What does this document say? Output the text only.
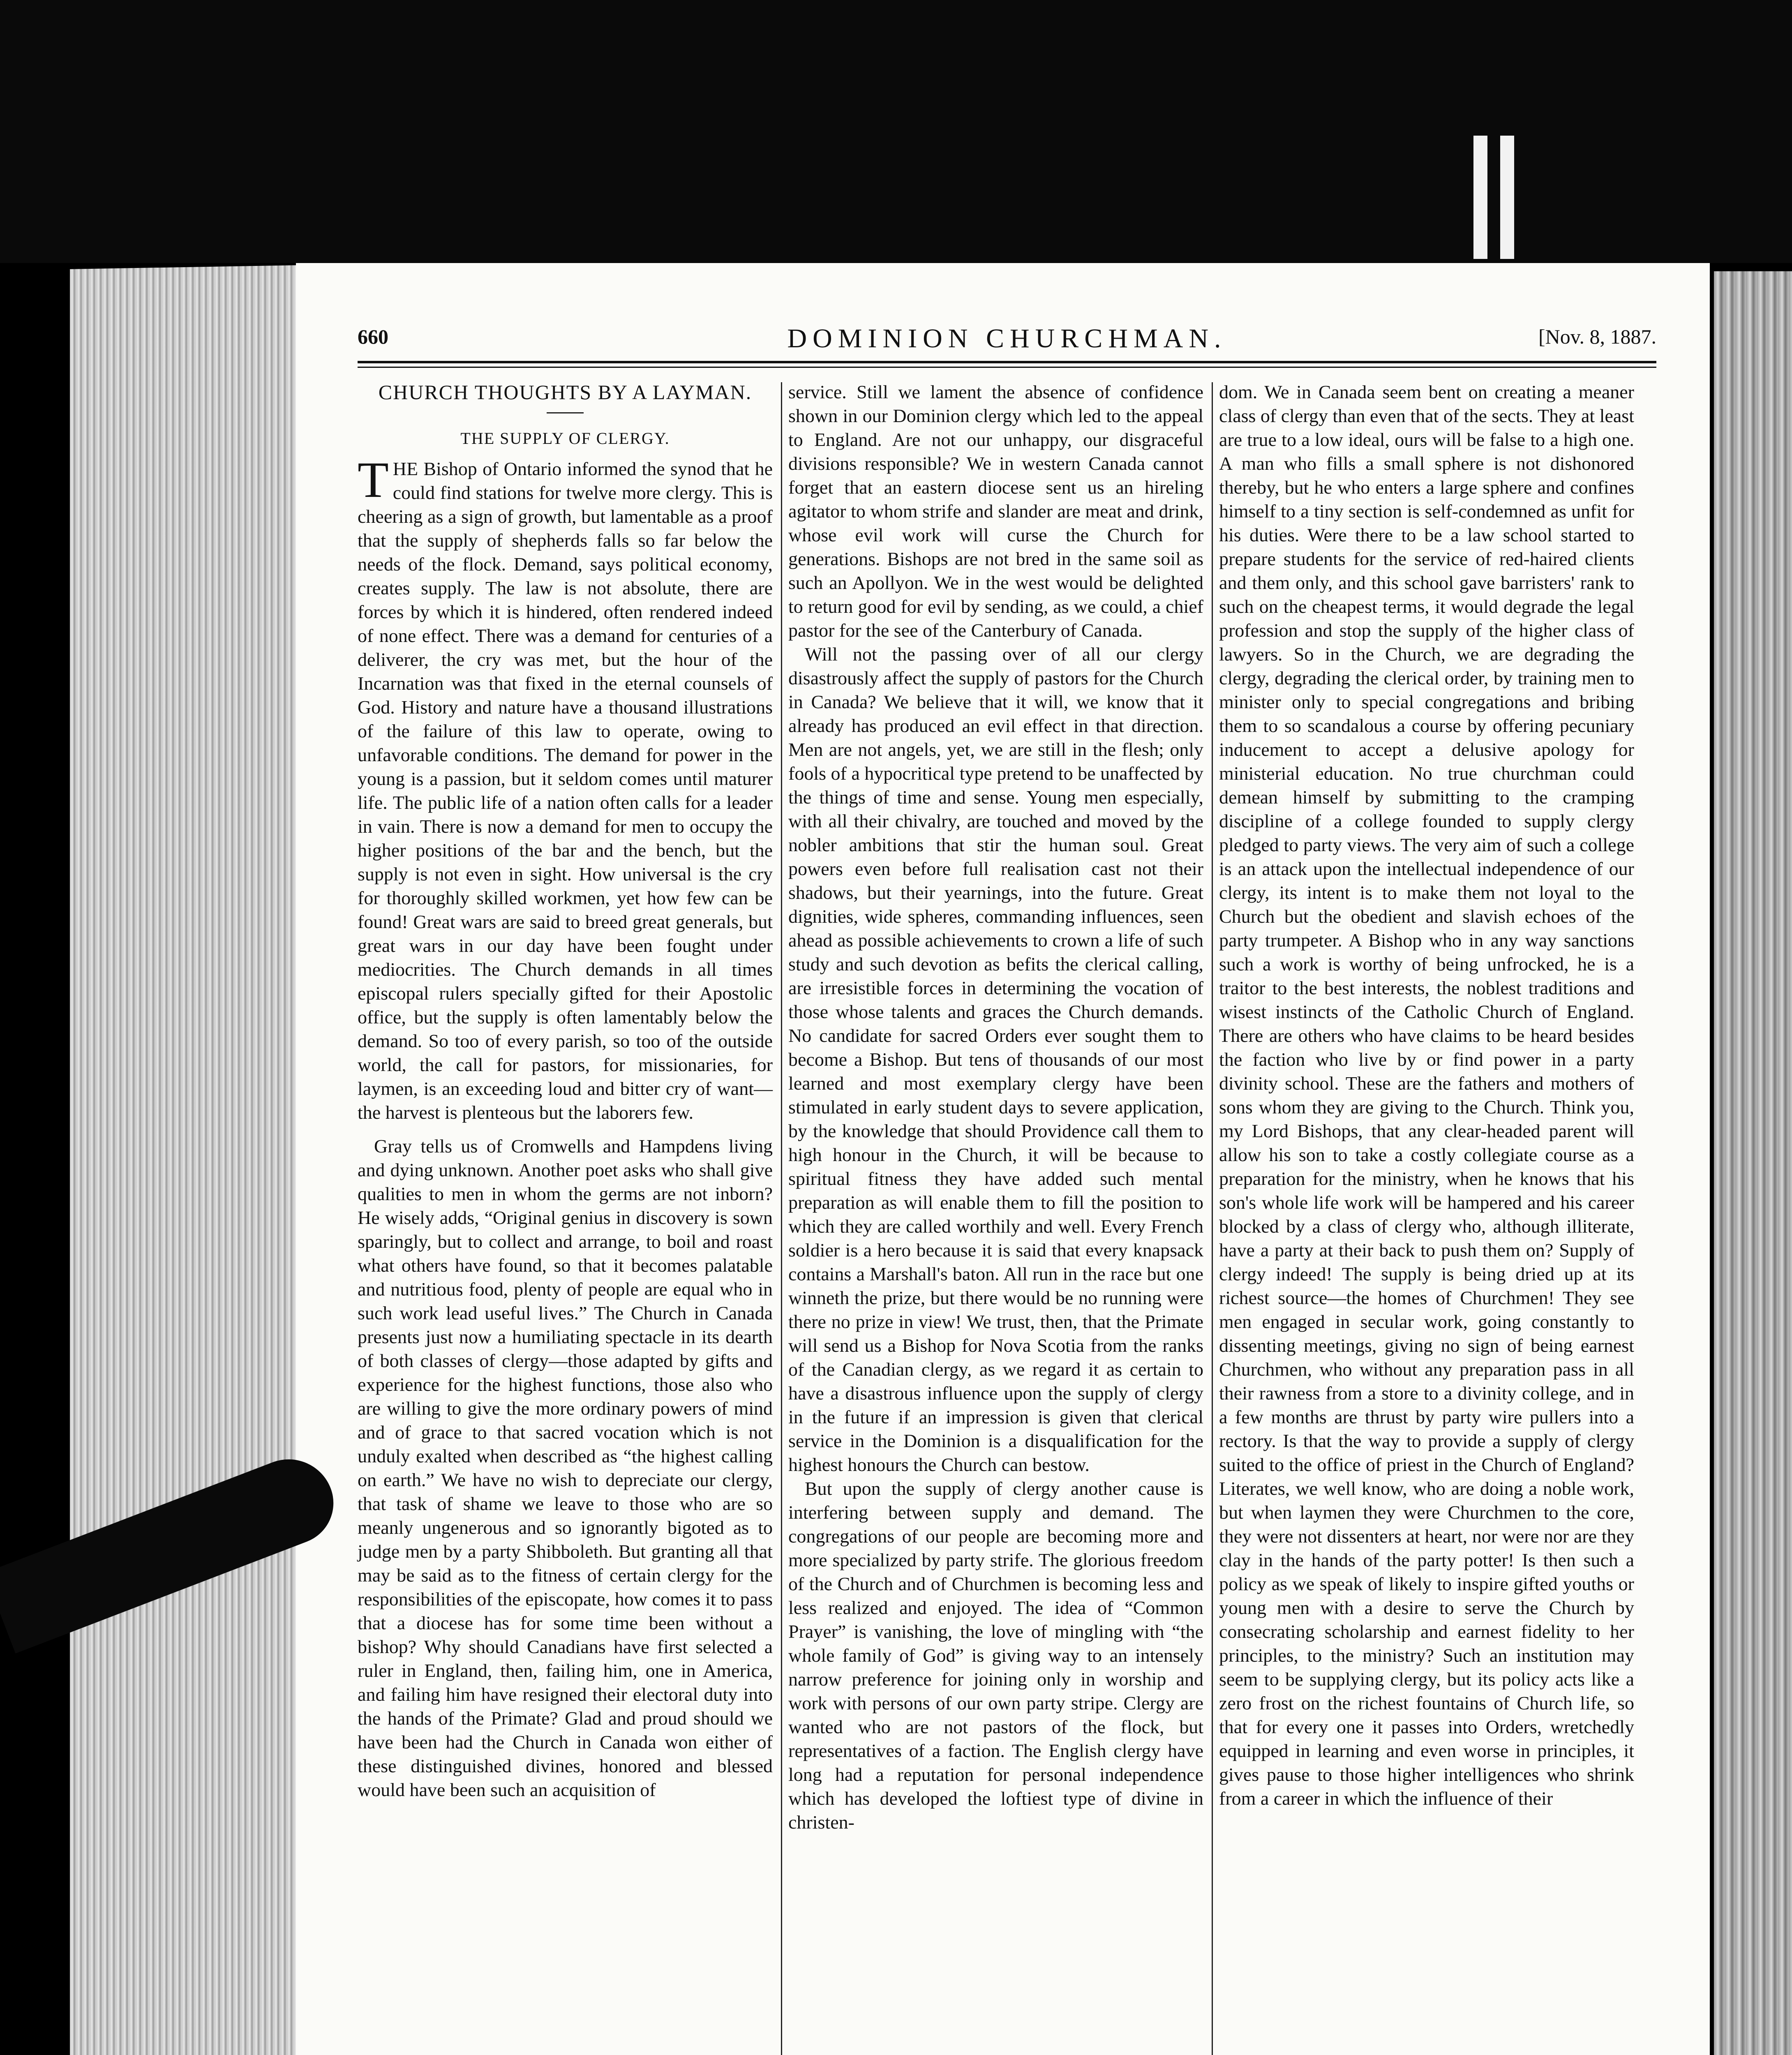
660	DOMINION CHURCHMAN.	[Nov. 8, 1887.
CHURCH THOUGHTS BY A LAYMAN.
THE SUPPLY OF CLERGY.

THE Bishop of Ontario informed the synod that he could find stations for twelve more clergy. This is cheering as a sign of growth, but lamentable as a proof that the supply of shepherds falls so far below the needs of the flock. Demand, says political economy, creates supply. The law is not absolute, there are forces by which it is hindered, often rendered indeed of none effect. There was a demand for centuries of a deliverer, the cry was met, but the hour of the Incarnation was that fixed in the eternal counsels of God. History and nature have a thousand illustrations of the failure of this law to operate, owing to unfavorable conditions. The demand for power in the young is a passion, but it seldom comes until maturer life. The public life of a nation often calls for a leader in vain. There is now a demand for men to occupy the higher positions of the bar and the bench, but the supply is not even in sight. How universal is the cry for thoroughly skilled workmen, yet how few can be found! Great wars are said to breed great generals, but great wars in our day have been fought under mediocrities. The Church demands in all times episcopal rulers specially gifted for their Apostolic office, but the supply is often lamentably below the demand. So too of every parish, so too of the outside world, the call for pastors, for missionaries, for laymen, is an exceeding loud and bitter cry of want—the harvest is plenteous but the laborers few.

Gray tells us of Cromwells and Hampdens living and dying unknown. Another poet asks who shall give qualities to men in whom the germs are not inborn? He wisely adds, “Original genius in discovery is sown sparingly, but to collect and arrange, to boil and roast what others have found, so that it becomes palatable and nutritious food, plenty of people are equal who in such work lead useful lives.” The Church in Canada presents just now a humiliating spectacle in its dearth of both classes of clergy—those adapted by gifts and experience for the highest functions, those also who are willing to give the more ordinary powers of mind and of grace to that sacred vocation which is not unduly exalted when described as “the highest calling on earth.” We have no wish to depreciate our clergy, that task of shame we leave to those who are so meanly ungenerous and so ignorantly bigoted as to judge men by a party Shibboleth. But granting all that may be said as to the fitness of certain clergy for the responsibilities of the episcopate, how comes it to pass that a diocese has for some time been without a bishop? Why should Canadians have first selected a ruler in England, then, failing him, one in America, and failing him have resigned their electoral duty into the hands of the Primate? Glad and proud should we have been had the Church in Canada won either of these distinguished divines, honored and blessed would have been such an acquisition of

service. Still we lament the absence of confidence shown in our Dominion clergy which led to the appeal to England. Are not our unhappy, our disgraceful divisions responsible? We in western Canada cannot forget that an eastern diocese sent us an hireling agitator to whom strife and slander are meat and drink, whose evil work will curse the Church for generations. Bishops are not bred in the same soil as such an Apollyon. We in the west would be delighted to return good for evil by sending, as we could, a chief pastor for the see of the Canterbury of Canada.

Will not the passing over of all our clergy disastrously affect the supply of pastors for the Church in Canada? We believe that it will, we know that it already has produced an evil effect in that direction. Men are not angels, yet, we are still in the flesh; only fools of a hypocritical type pretend to be unaffected by the things of time and sense. Young men especially, with all their chivalry, are touched and moved by the nobler ambitions that stir the human soul. Great powers even before full realisation cast not their shadows, but their yearnings, into the future. Great dignities, wide spheres, commanding influences, seen ahead as possible achievements to crown a life of such study and such devotion as befits the clerical calling, are irresistible forces in determining the vocation of those whose talents and graces the Church demands. No candidate for sacred Orders ever sought them to become a Bishop. But tens of thousands of our most learned and most exemplary clergy have been stimulated in early student days to severe application, by the knowledge that should Providence call them to high honour in the Church, it will be because to spiritual fitness they have added such mental preparation as will enable them to fill the position to which they are called worthily and well. Every French soldier is a hero because it is said that every knapsack contains a Marshall's baton. All run in the race but one winneth the prize, but there would be no running were there no prize in view! We trust, then, that the Primate will send us a Bishop for Nova Scotia from the ranks of the Canadian clergy, as we regard it as certain to have a disastrous influence upon the supply of clergy in the future if an impression is given that clerical service in the Dominion is a disqualification for the highest honours the Church can bestow.

But upon the supply of clergy another cause is interfering between supply and demand. The congregations of our people are becoming more and more specialized by party strife. The glorious freedom of the Church and of Churchmen is becoming less and less realized and enjoyed. The idea of “Common Prayer” is vanishing, the love of mingling with “the whole family of God” is giving way to an intensely narrow preference for joining only in worship and work with persons of our own party stripe. Clergy are wanted who are not pastors of the flock, but representatives of a faction. The English clergy have long had a reputation for personal independence which has developed the loftiest type of divine in christen-

dom. We in Canada seem bent on creating a meaner class of clergy than even that of the sects. They at least are true to a low ideal, ours will be false to a high one. A man who fills a small sphere is not dishonored thereby, but he who enters a large sphere and confines himself to a tiny section is self-condemned as unfit for his duties. Were there to be a law school started to prepare students for the service of red-haired clients and them only, and this school gave barristers' rank to such on the cheapest terms, it would degrade the legal profession and stop the supply of the higher class of lawyers. So in the Church, we are degrading the clergy, degrading the clerical order, by training men to minister only to special congregations and bribing them to so scandalous a course by offering pecuniary inducement to accept a delusive apology for ministerial education. No true churchman could demean himself by submitting to the cramping discipline of a college founded to supply clergy pledged to party views. The very aim of such a college is an attack upon the intellectual independence of our clergy, its intent is to make them not loyal to the Church but the obedient and slavish echoes of the party trumpeter. A Bishop who in any way sanctions such a work is worthy of being unfrocked, he is a traitor to the best interests, the noblest traditions and wisest instincts of the Catholic Church of England. There are others who have claims to be heard besides the faction who live by or find power in a party divinity school. These are the fathers and mothers of sons whom they are giving to the Church. Think you, my Lord Bishops, that any clear-headed parent will allow his son to take a costly collegiate course as a preparation for the ministry, when he knows that his son's whole life work will be hampered and his career blocked by a class of clergy who, although illiterate, have a party at their back to push them on? Supply of clergy indeed! The supply is being dried up at its richest source—the homes of Churchmen! They see men engaged in secular work, going constantly to dissenting meetings, giving no sign of being earnest Churchmen, who without any preparation pass in all their rawness from a store to a divinity college, and in a few months are thrust by party wire pullers into a rectory. Is that the way to provide a supply of clergy suited to the office of priest in the Church of England? Literates, we well know, who are doing a noble work, but when laymen they were Churchmen to the core, they were not dissenters at heart, nor were nor are they clay in the hands of the party potter! Is then such a policy as we speak of likely to inspire gifted youths or young men with a desire to serve the Church by consecrating scholarship and earnest fidelity to her principles, to the ministry? Such an institution may seem to be supplying clergy, but its policy acts like a zero frost on the richest fountains of Church life, so that for every one it passes into Orders, wretchedly equipped in learning and even worse in principles, it gives pause to those higher intelligences who shrink from a career in which the influence of their
